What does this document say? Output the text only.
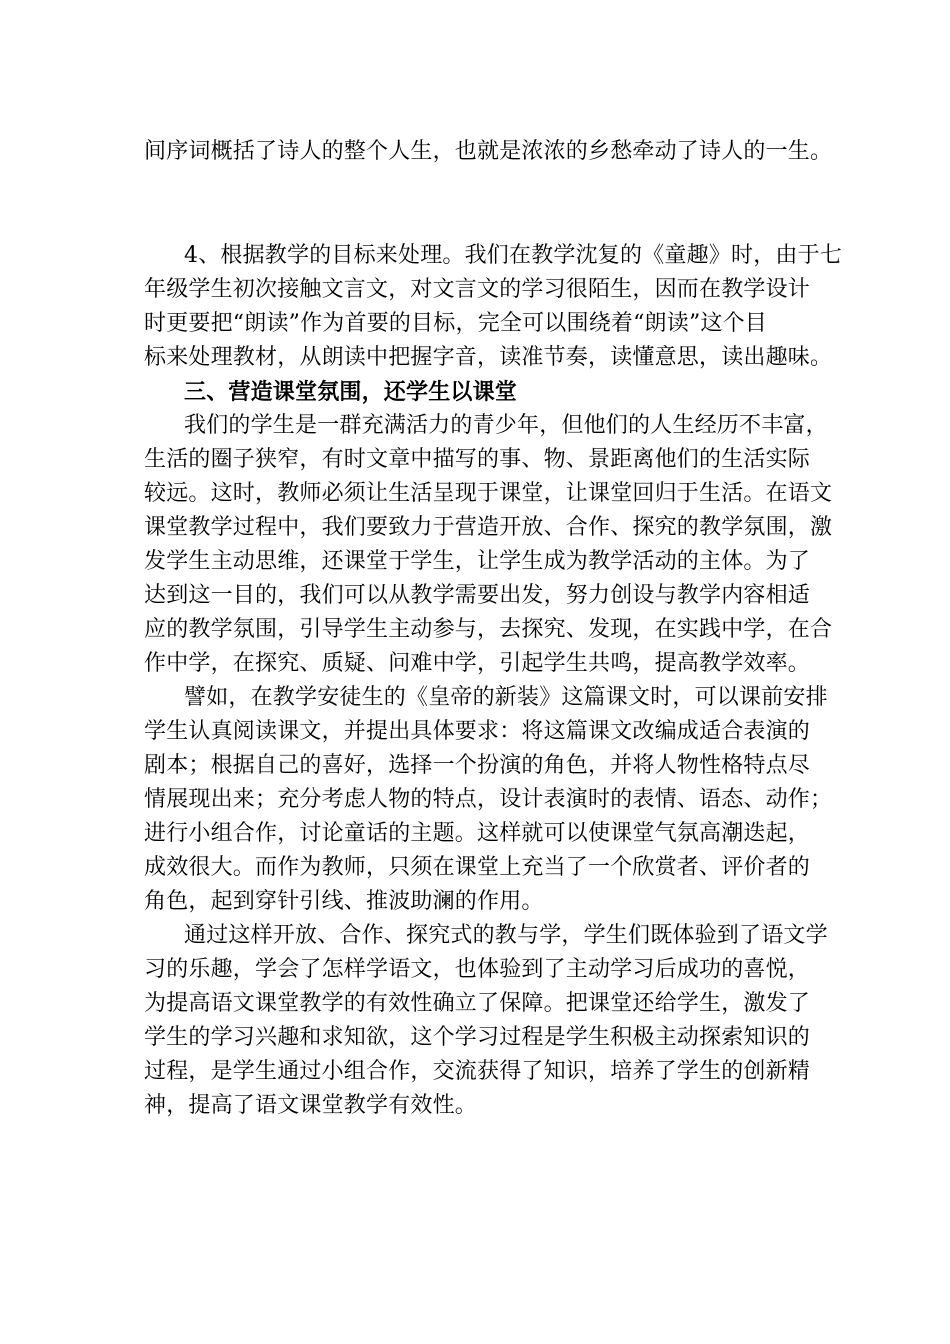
间序词概括了诗人的整个人生，也就是浓浓的乡愁牵动了诗人的一生。
4、根据教学的目标来处理。我们在教学沈复的《童趣》时，由于七
年级学生初次接触文言文，对文言文的学习很陌生，因而在教学设计
时更要把“朗读”作为首要的目标，完全可以围绕着“朗读”这个目
标来处理教材，从朗读中把握字音，读准节奏，读懂意思，读出趣味。
三、营造课堂氛围，还学生以课堂
我们的学生是一群充满活力的青少年，但他们的人生经历不丰富，
生活的圈子狭窄，有时文章中描写的事、物、景距离他们的生活实际
较远。这时，教师必须让生活呈现于课堂，让课堂回归于生活。在语文
课堂教学过程中，我们要致力于营造开放、合作、探究的教学氛围，激
发学生主动思维，还课堂于学生，让学生成为教学活动的主体。为了
达到这一目的，我们可以从教学需要出发，努力创设与教学内容相适
应的教学氛围，引导学生主动参与，去探究、发现，在实践中学，在合
作中学，在探究、质疑、问难中学，引起学生共鸣，提高教学效率。
譬如，在教学安徒生的《皇帝的新装》这篇课文时，可以课前安排
学生认真阅读课文，并提出具体要求：将这篇课文改编成适合表演的
剧本；根据自己的喜好，选择一个扮演的角色，并将人物性格特点尽
情展现出来；充分考虑人物的特点，设计表演时的表情、语态、动作；
进行小组合作，讨论童话的主题。这样就可以使课堂气氛高潮迭起，
成效很大。而作为教师，只须在课堂上充当了一个欣赏者、评价者的
角色，起到穿针引线、推波助澜的作用。
通过这样开放、合作、探究式的教与学，学生们既体验到了语文学
习的乐趣，学会了怎样学语文，也体验到了主动学习后成功的喜悦，
为提高语文课堂教学的有效性确立了保障。把课堂还给学生，激发了
学生的学习兴趣和求知欲，这个学习过程是学生积极主动探索知识的
过程，是学生通过小组合作，交流获得了知识，培养了学生的创新精
神，提高了语文课堂教学有效性。
